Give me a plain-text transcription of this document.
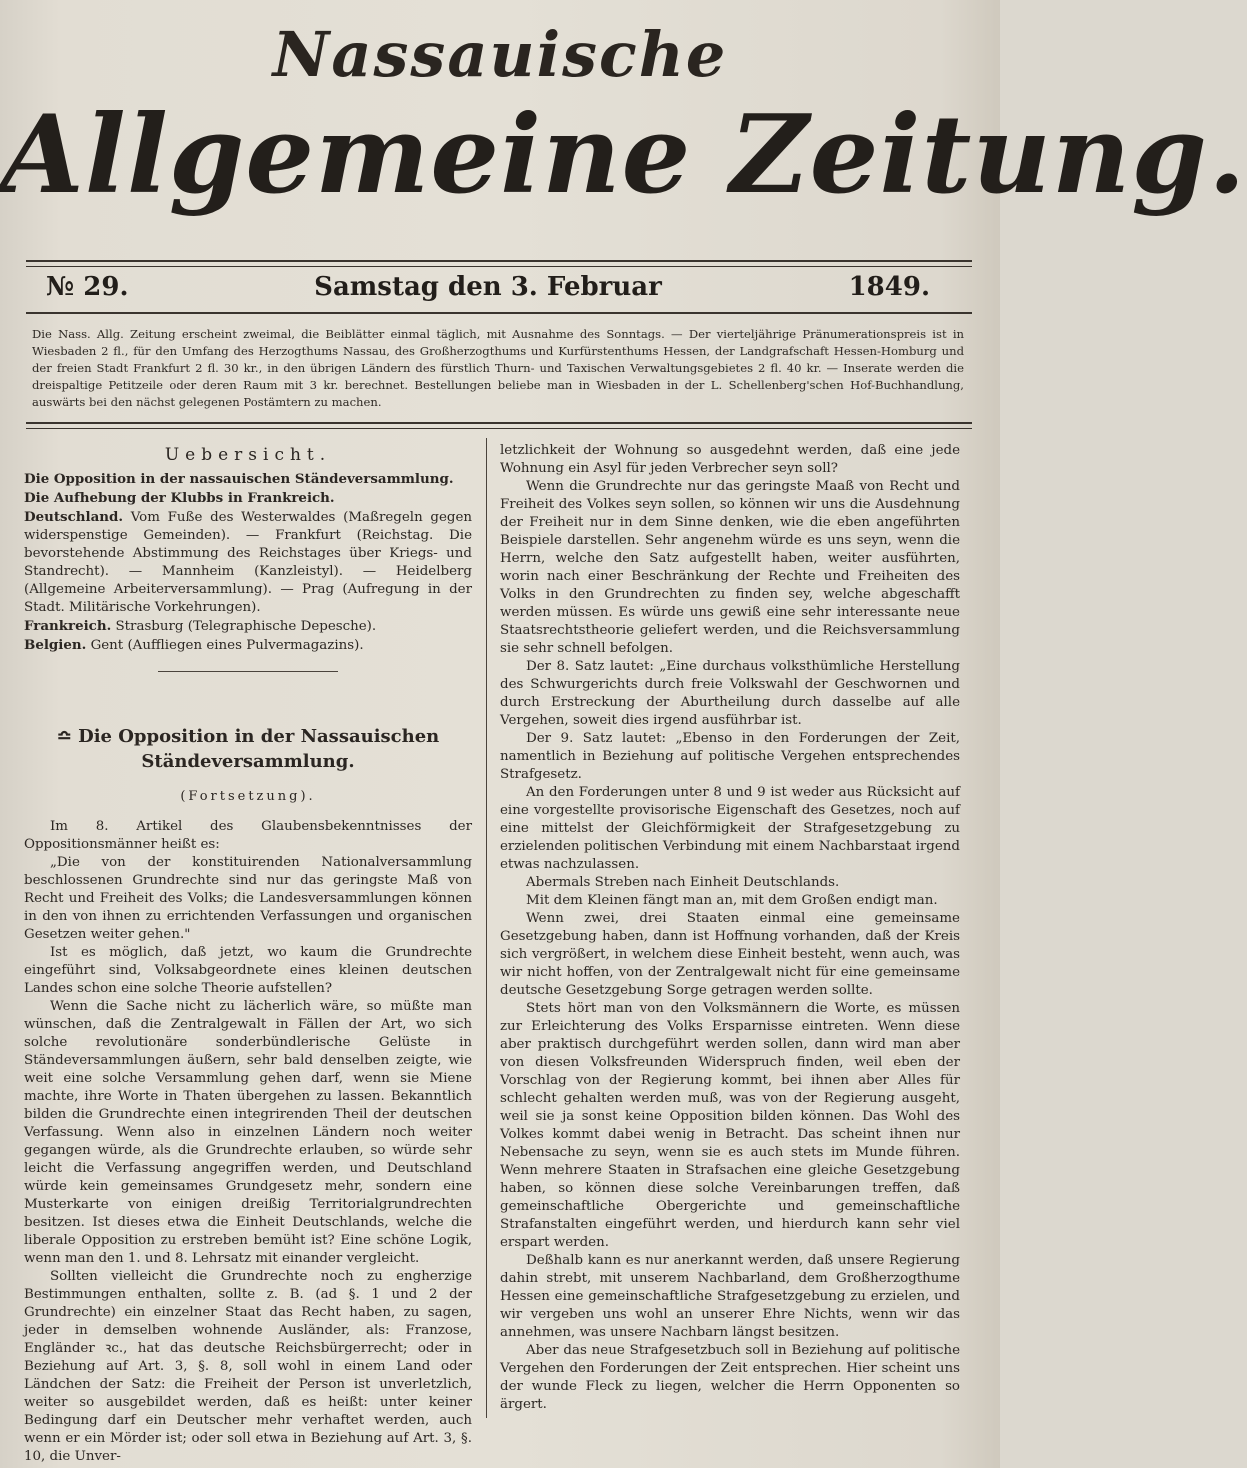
Nassauische
Allgemeine Zeitung.
№ 29.	Samstag den 3. Februar	1849.
Die Nass. Allg. Zeitung erscheint zweimal, die Beiblätter einmal täglich, mit Ausnahme des Sonntags. — Der vierteljährige Pränumerationspreis ist in Wiesbaden 2 fl., für den Umfang des Herzogthums Nassau, des Großherzogthums und Kurfürstenthums Hessen, der Landgrafschaft Hessen-Homburg und der freien Stadt Frankfurt 2 fl. 30 kr., in den übrigen Ländern des fürstlich Thurn- und Taxischen Verwaltungsgebietes 2 fl. 40 kr. — Inserate werden die dreispaltige Petitzeile oder deren Raum mit 3 kr. berechnet. Bestellungen beliebe man in Wiesbaden in der L. Schellenberg'schen Hof-Buchhandlung, auswärts bei den nächst gelegenen Postämtern zu machen.
Uebersicht.

Die Opposition in der nassauischen Ständeversammlung.

Die Aufhebung der Klubbs in Frankreich.

Deutschland. Vom Fuße des Westerwaldes (Maßregeln gegen widerspenstige Gemeinden). — Frankfurt (Reichstag. Die bevorstehende Abstimmung des Reichstages über Kriegs- und Standrecht). — Mannheim (Kanzleistyl). — Heidelberg (Allgemeine Arbeiterversammlung). — Prag (Aufregung in der Stadt. Militärische Vorkehrungen).

Frankreich. Strasburg (Telegraphische Depesche).

Belgien. Gent (Auffliegen eines Pulvermagazins).

≏ Die Opposition in der Nassauischen Ständeversammlung.
(Fortsetzung).

Im 8. Artikel des Glaubensbekenntnisses der Oppositionsmänner heißt es:

„Die von der konstituirenden Nationalversammlung beschlossenen Grundrechte sind nur das geringste Maß von Recht und Freiheit des Volks; die Landesversammlungen können in den von ihnen zu errichtenden Verfassungen und organischen Gesetzen weiter gehen."

Ist es möglich, daß jetzt, wo kaum die Grundrechte eingeführt sind, Volksabgeordnete eines kleinen deutschen Landes schon eine solche Theorie aufstellen?

Wenn die Sache nicht zu lächerlich wäre, so müßte man wünschen, daß die Zentralgewalt in Fällen der Art, wo sich solche revolutionäre sonderbündlerische Gelüste in Ständeversammlungen äußern, sehr bald denselben zeigte, wie weit eine solche Versammlung gehen darf, wenn sie Miene machte, ihre Worte in Thaten übergehen zu lassen. Bekanntlich bilden die Grundrechte einen integrirenden Theil der deutschen Verfassung. Wenn also in einzelnen Ländern noch weiter gegangen würde, als die Grundrechte erlauben, so würde sehr leicht die Verfassung angegriffen werden, und Deutschland würde kein gemeinsames Grundgesetz mehr, sondern eine Musterkarte von einigen dreißig Territorialgrundrechten besitzen. Ist dieses etwa die Einheit Deutschlands, welche die liberale Opposition zu erstreben bemüht ist? Eine schöne Logik, wenn man den 1. und 8. Lehrsatz mit einander vergleicht.

Sollten vielleicht die Grundrechte noch zu engherzige Bestimmungen enthalten, sollte z. B. (ad §. 1 und 2 der Grundrechte) ein einzelner Staat das Recht haben, zu sagen, jeder in demselben wohnende Ausländer, als: Franzose, Engländer ꝛc., hat das deutsche Reichsbürgerrecht; oder in Beziehung auf Art. 3, §. 8, soll wohl in einem Land oder Ländchen der Satz: die Freiheit der Person ist unverletzlich, weiter so ausgebildet werden, daß es heißt: unter keiner Bedingung darf ein Deutscher mehr verhaftet werden, auch wenn er ein Mörder ist; oder soll etwa in Beziehung auf Art. 3, §. 10, die Unver-

letzlichkeit der Wohnung so ausgedehnt werden, daß eine jede Wohnung ein Asyl für jeden Verbrecher seyn soll?

Wenn die Grundrechte nur das geringste Maaß von Recht und Freiheit des Volkes seyn sollen, so können wir uns die Ausdehnung der Freiheit nur in dem Sinne denken, wie die eben angeführten Beispiele darstellen. Sehr angenehm würde es uns seyn, wenn die Herrn, welche den Satz aufgestellt haben, weiter ausführten, worin nach einer Beschränkung der Rechte und Freiheiten des Volks in den Grundrechten zu finden sey, welche abgeschafft werden müssen. Es würde uns gewiß eine sehr interessante neue Staatsrechtstheorie geliefert werden, und die Reichsversammlung sie sehr schnell befolgen.

Der 8. Satz lautet: „Eine durchaus volksthümliche Herstellung des Schwurgerichts durch freie Volkswahl der Geschwornen und durch Erstreckung der Aburtheilung durch dasselbe auf alle Vergehen, soweit dies irgend ausführbar ist.

Der 9. Satz lautet: „Ebenso in den Forderungen der Zeit, namentlich in Beziehung auf politische Vergehen entsprechendes Strafgesetz.

An den Forderungen unter 8 und 9 ist weder aus Rücksicht auf eine vorgestellte provisorische Eigenschaft des Gesetzes, noch auf eine mittelst der Gleichförmigkeit der Strafgesetzgebung zu erzielenden politischen Verbindung mit einem Nachbarstaat irgend etwas nachzulassen.

Abermals Streben nach Einheit Deutschlands.

Mit dem Kleinen fängt man an, mit dem Großen endigt man.

Wenn zwei, drei Staaten einmal eine gemeinsame Gesetzgebung haben, dann ist Hoffnung vorhanden, daß der Kreis sich vergrößert, in welchem diese Einheit besteht, wenn auch, was wir nicht hoffen, von der Zentralgewalt nicht für eine gemeinsame deutsche Gesetzgebung Sorge getragen werden sollte.

Stets hört man von den Volksmännern die Worte, es müssen zur Erleichterung des Volks Ersparnisse eintreten. Wenn diese aber praktisch durchgeführt werden sollen, dann wird man aber von diesen Volksfreunden Widerspruch finden, weil eben der Vorschlag von der Regierung kommt, bei ihnen aber Alles für schlecht gehalten werden muß, was von der Regierung ausgeht, weil sie ja sonst keine Opposition bilden können. Das Wohl des Volkes kommt dabei wenig in Betracht. Das scheint ihnen nur Nebensache zu seyn, wenn sie es auch stets im Munde führen. Wenn mehrere Staaten in Strafsachen eine gleiche Gesetzgebung haben, so können diese solche Vereinbarungen treffen, daß gemeinschaftliche Obergerichte und gemeinschaftliche Strafanstalten eingeführt werden, und hierdurch kann sehr viel erspart werden.

Deßhalb kann es nur anerkannt werden, daß unsere Regierung dahin strebt, mit unserem Nachbarland, dem Großherzogthume Hessen eine gemeinschaftliche Strafgesetzgebung zu erzielen, und wir vergeben uns wohl an unserer Ehre Nichts, wenn wir das annehmen, was unsere Nachbarn längst besitzen.

Aber das neue Strafgesetzbuch soll in Beziehung auf politische Vergehen den Forderungen der Zeit entsprechen. Hier scheint uns der wunde Fleck zu liegen, welcher die Herrn Opponenten so ärgert.
